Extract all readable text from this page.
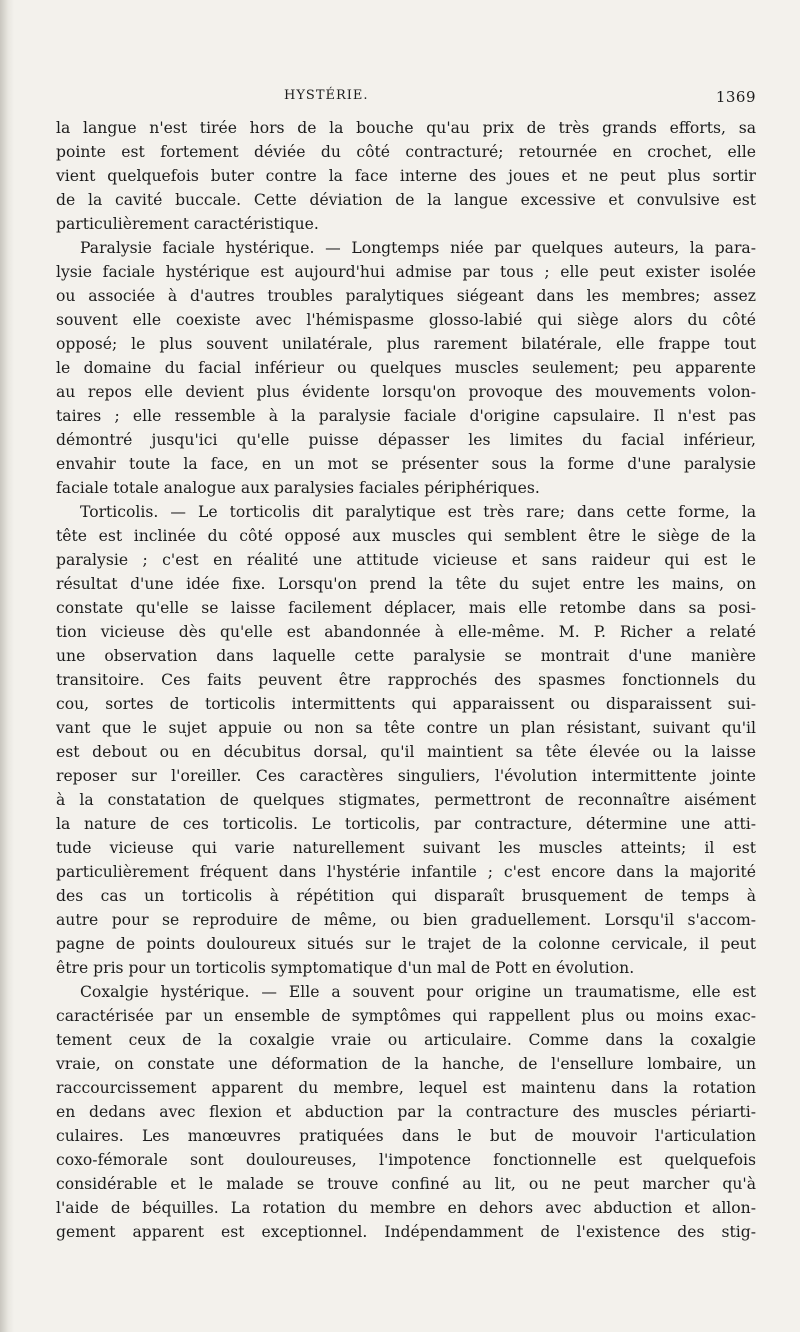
HYSTÉRIE.	1369
la langue n'est tirée hors de la bouche qu'au prix de très grands efforts, sa
pointe est fortement déviée du côté contracturé; retournée en crochet, elle
vient quelquefois buter contre la face interne des joues et ne peut plus sortir
de la cavité buccale. Cette déviation de la langue excessive et convulsive est
particulièrement caractéristique.
Paralysie faciale hystérique. — Longtemps niée par quelques auteurs, la para-
lysie faciale hystérique est aujourd'hui admise par tous ; elle peut exister isolée
ou associée à d'autres troubles paralytiques siégeant dans les membres; assez
souvent elle coexiste avec l'hémispasme glosso-labié qui siège alors du côté
opposé; le plus souvent unilatérale, plus rarement bilatérale, elle frappe tout
le domaine du facial inférieur ou quelques muscles seulement; peu apparente
au repos elle devient plus évidente lorsqu'on provoque des mouvements volon-
taires ; elle ressemble à la paralysie faciale d'origine capsulaire. Il n'est pas
démontré jusqu'ici qu'elle puisse dépasser les limites du facial inférieur,
envahir toute la face, en un mot se présenter sous la forme d'une paralysie
faciale totale analogue aux paralysies faciales périphériques.
Torticolis. — Le torticolis dit paralytique est très rare; dans cette forme, la
tête est inclinée du côté opposé aux muscles qui semblent être le siège de la
paralysie ; c'est en réalité une attitude vicieuse et sans raideur qui est le
résultat d'une idée fixe. Lorsqu'on prend la tête du sujet entre les mains, on
constate qu'elle se laisse facilement déplacer, mais elle retombe dans sa posi-
tion vicieuse dès qu'elle est abandonnée à elle-même. M. P. Richer a relaté
une observation dans laquelle cette paralysie se montrait d'une manière
transitoire. Ces faits peuvent être rapprochés des spasmes fonctionnels du
cou, sortes de torticolis intermittents qui apparaissent ou disparaissent sui-
vant que le sujet appuie ou non sa tête contre un plan résistant, suivant qu'il
est debout ou en décubitus dorsal, qu'il maintient sa tête élevée ou la laisse
reposer sur l'oreiller. Ces caractères singuliers, l'évolution intermittente jointe
à la constatation de quelques stigmates, permettront de reconnaître aisément
la nature de ces torticolis. Le torticolis, par contracture, détermine une atti-
tude vicieuse qui varie naturellement suivant les muscles atteints; il est
particulièrement fréquent dans l'hystérie infantile ; c'est encore dans la majorité
des cas un torticolis à répétition qui disparaît brusquement de temps à
autre pour se reproduire de même, ou bien graduellement. Lorsqu'il s'accom-
pagne de points douloureux situés sur le trajet de la colonne cervicale, il peut
être pris pour un torticolis symptomatique d'un mal de Pott en évolution.
Coxalgie hystérique. — Elle a souvent pour origine un traumatisme, elle est
caractérisée par un ensemble de symptômes qui rappellent plus ou moins exac-
tement ceux de la coxalgie vraie ou articulaire. Comme dans la coxalgie
vraie, on constate une déformation de la hanche, de l'ensellure lombaire, un
raccourcissement apparent du membre, lequel est maintenu dans la rotation
en dedans avec flexion et abduction par la contracture des muscles périarti-
culaires. Les manœuvres pratiquées dans le but de mouvoir l'articulation
coxo-fémorale sont douloureuses, l'impotence fonctionnelle est quelquefois
considérable et le malade se trouve confiné au lit, ou ne peut marcher qu'à
l'aide de béquilles. La rotation du membre en dehors avec abduction et allon-
gement apparent est exceptionnel. Indépendamment de l'existence des stig-
